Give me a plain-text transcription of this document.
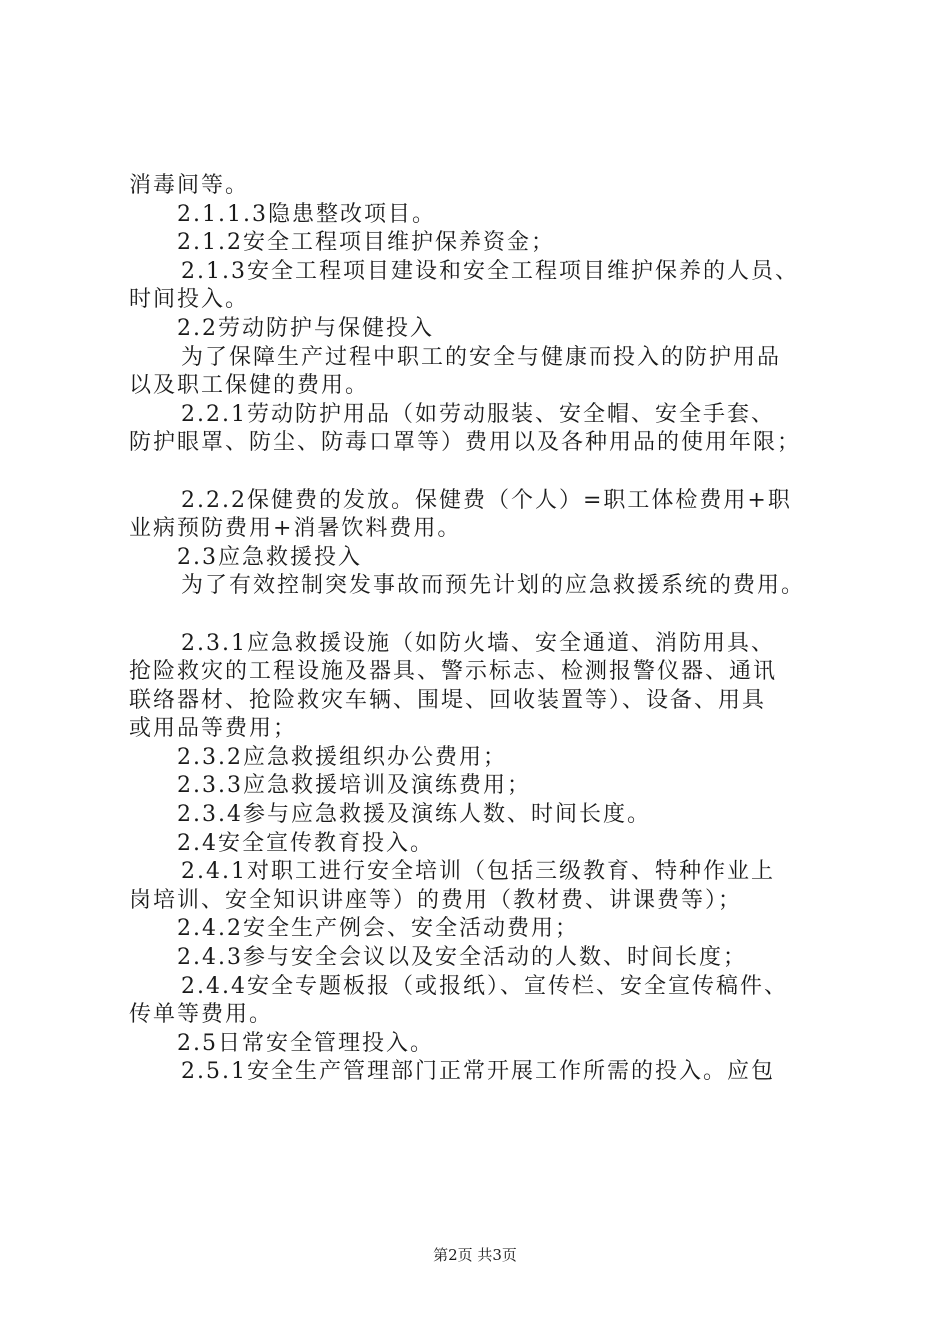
消毒间等。
2.1.1.3隐患整改项目。
2.1.2安全工程项目维护保养资金；
2.1.3安全工程项目建设和安全工程项目维护保养的人员、
时间投入。
2.2劳动防护与保健投入
为了保障生产过程中职工的安全与健康而投入的防护用品
以及职工保健的费用。
2.2.1劳动防护用品（如劳动服装、安全帽、安全手套、
防护眼罩、防尘、防毒口罩等）费用以及各种用品的使用年限；
2.2.2保健费的发放。保健费（个人）=职工体检费用+职
业病预防费用+消暑饮料费用。
2.3应急救援投入
为了有效控制突发事故而预先计划的应急救援系统的费用。
2.3.1应急救援设施（如防火墙、安全通道、消防用具、
抢险救灾的工程设施及器具、警示标志、检测报警仪器、通讯
联络器材、抢险救灾车辆、围堤、回收装置等）、设备、用具
或用品等费用；
2.3.2应急救援组织办公费用；
2.3.3应急救援培训及演练费用；
2.3.4参与应急救援及演练人数、时间长度。
2.4安全宣传教育投入。
2.4.1对职工进行安全培训（包括三级教育、特种作业上
岗培训、安全知识讲座等）的费用（教材费、讲课费等）；
2.4.2安全生产例会、安全活动费用；
2.4.3参与安全会议以及安全活动的人数、时间长度；
2.4.4安全专题板报（或报纸）、宣传栏、安全宣传稿件、
传单等费用。
2.5日常安全管理投入。
2.5.1安全生产管理部门正常开展工作所需的投入。应包
第2页 共3页
